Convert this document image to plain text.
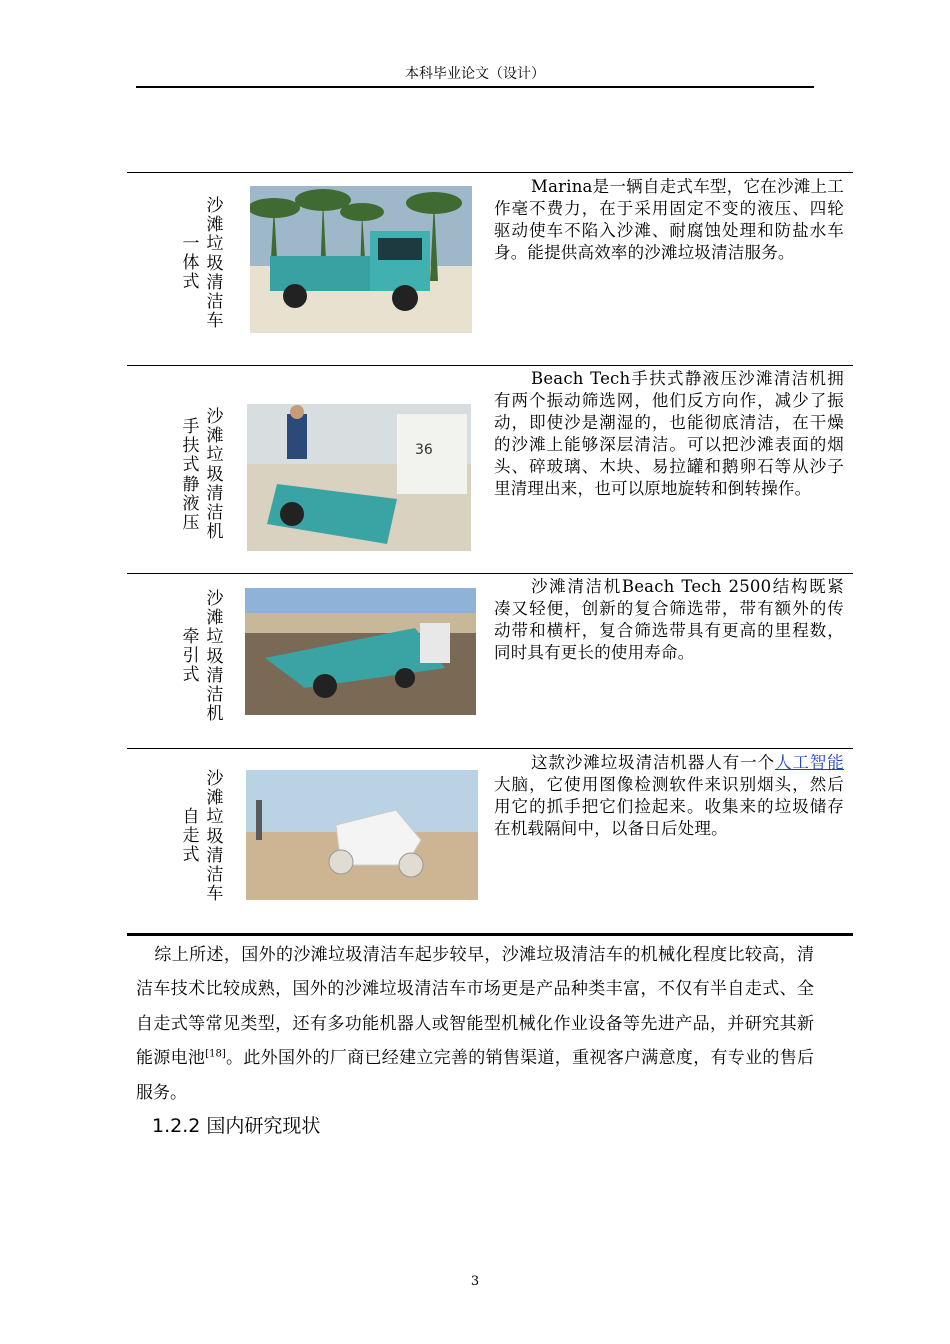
本科毕业论文（设计）
沙滩垃圾清洁车
一体式
Marina是一辆自走式车型，它在沙滩上工作毫不费力，在于采用固定不变的液压、四轮驱动使车不陷入沙滩、耐腐蚀处理和防盐水车身。能提供高效率的沙滩垃圾清洁服务。
沙滩垃圾清洁机
手扶式静液压
36
Beach Tech手扶式静液压沙滩清洁机拥有两个振动筛选网，他们反方向作，减少了振动，即使沙是潮湿的，也能彻底清洁，在干燥的沙滩上能够深层清洁。可以把沙滩表面的烟头、碎玻璃、木块、易拉罐和鹅卵石等从沙子里清理出来，也可以原地旋转和倒转操作。
沙滩垃圾清洁机
牵引式
沙滩清洁机Beach Tech 2500结构既紧凑又轻便，创新的复合筛选带，带有额外的传动带和横杆，复合筛选带具有更高的里程数，同时具有更长的使用寿命。
沙滩垃圾清洁车
自走式
这款沙滩垃圾清洁机器人有一个人工智能大脑，它使用图像检测软件来识别烟头，然后用它的抓手把它们捡起来。收集来的垃圾储存在机载隔间中，以备日后处理。
综上所述，国外的沙滩垃圾清洁车起步较早，沙滩垃圾清洁车的机械化程度比较高，清洁车技术比较成熟，国外的沙滩垃圾清洁车市场更是产品种类丰富，不仅有半自走式、全自走式等常见类型，还有多功能机器人或智能型机械化作业设备等先进产品，并研究其新能源电池[18]。此外国外的厂商已经建立完善的销售渠道，重视客户满意度，有专业的售后服务。
1.2.2 国内研究现状
3
